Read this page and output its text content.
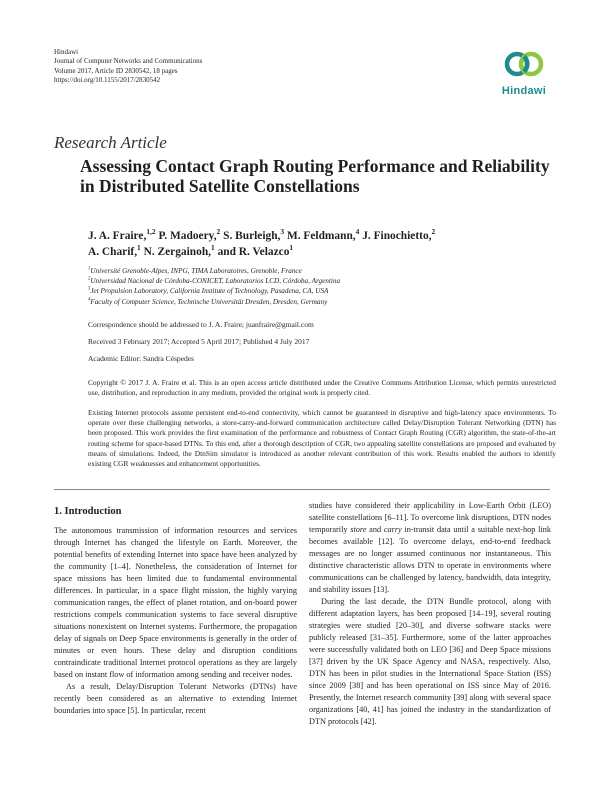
Hindawi
Journal of Computer Networks and Communications
Volume 2017, Article ID 2830542, 18 pages
https://doi.org/10.1155/2017/2830542
Hindawi
Research Article
Assessing Contact Graph Routing Performance and Reliability in Distributed Satellite Constellations
J. A. Fraire,$^{1,2}$ P. Madoery,$^2$ S. Burleigh,$^3$ M. Feldmann,$^4$ J. Finochietto,$^2$
A. Charif,$^1$ N. Zergainoh,$^1$ and R. Velazco$^1$
$^1$Université Grenoble-Alpes, INPG, TIMA Laboratoires, Grenoble, France
$^2$Universidad Nacional de Córdoba-CONICET, Laboratorios LCD, Córdoba, Argentina
$^3$Jet Propulsion Laboratory, California Institute of Technology, Pasadena, CA, USA
$^4$Faculty of Computer Science, Technische Universität Dresden, Dresden, Germany
Correspondence should be addressed to J. A. Fraire; juanfraire@gmail.com
Received 3 February 2017; Accepted 5 April 2017; Published 4 July 2017
Academic Editor: Sandra Céspedes
Copyright © 2017 J. A. Fraire et al. This is an open access article distributed under the Creative Commons Attribution License, which permits unrestricted use, distribution, and reproduction in any medium, provided the original work is properly cited.
Existing Internet protocols assume persistent end-to-end connectivity, which cannot be guaranteed in disruptive and high-latency space environments. To operate over these challenging networks, a store-carry-and-forward communication architecture called Delay/Disruption Tolerant Networking (DTN) has been proposed. This work provides the first examination of the performance and robustness of Contact Graph Routing (CGR) algorithm, the state-of-the-art routing scheme for space-based DTNs. To this end, after a thorough description of CGR, two appealing satellite constellations are proposed and evaluated by means of simulations. Indeed, the DtnSim simulator is introduced as another relevant contribution of this work. Results enabled the authors to identify existing CGR weaknesses and enhancement opportunities.
1. Introduction

The autonomous transmission of information resources and services through Internet has changed the lifestyle on Earth. Moreover, the potential benefits of extending Internet into space have been analyzed by the community [1–4]. Nonetheless, the consideration of Internet for space missions has been limited due to fundamental environmental differences. In particular, in a space flight mission, the highly varying communication ranges, the effect of planet rotation, and on-board power restrictions compels communication systems to face several disruptive situations nonexistent on Internet systems. Furthermore, the propagation delay of signals on Deep Space environments is generally in the order of minutes or even hours. These delay and disruption conditions contraindicate traditional Internet protocol operations as they are largely based on instant flow of information among sending and receiver nodes.

As a result, Delay/Disruption Tolerant Networks (DTNs) have recently been considered as an alternative to extending Internet boundaries into space [5]. In particular, recent

studies have considered their applicability in Low-Earth Orbit (LEO) satellite constellations [6–11]. To overcome link disruptions, DTN nodes temporarily store and carry in-transit data until a suitable next-hop link becomes available [12]. To overcome delays, end-to-end feedback messages are no longer assumed continuous nor instantaneous. This distinctive characteristic allows DTN to operate in environments where communications can be challenged by latency, bandwidth, data integrity, and stability issues [13].

During the last decade, the DTN Bundle protocol, along with different adaptation layers, has been proposed [14–19], several routing strategies were studied [20–30], and diverse software stacks were publicly released [31–35]. Furthermore, some of the latter approaches were successfully validated both on LEO [36] and Deep Space missions [37] driven by the UK Space Agency and NASA, respectively. Also, DTN has been in pilot studies in the International Space Station (ISS) since 2009 [38] and has been operational on ISS since May of 2016. Presently, the Internet research community [39] along with several space organizations [40, 41] has joined the industry in the standardization of DTN protocols [42].
